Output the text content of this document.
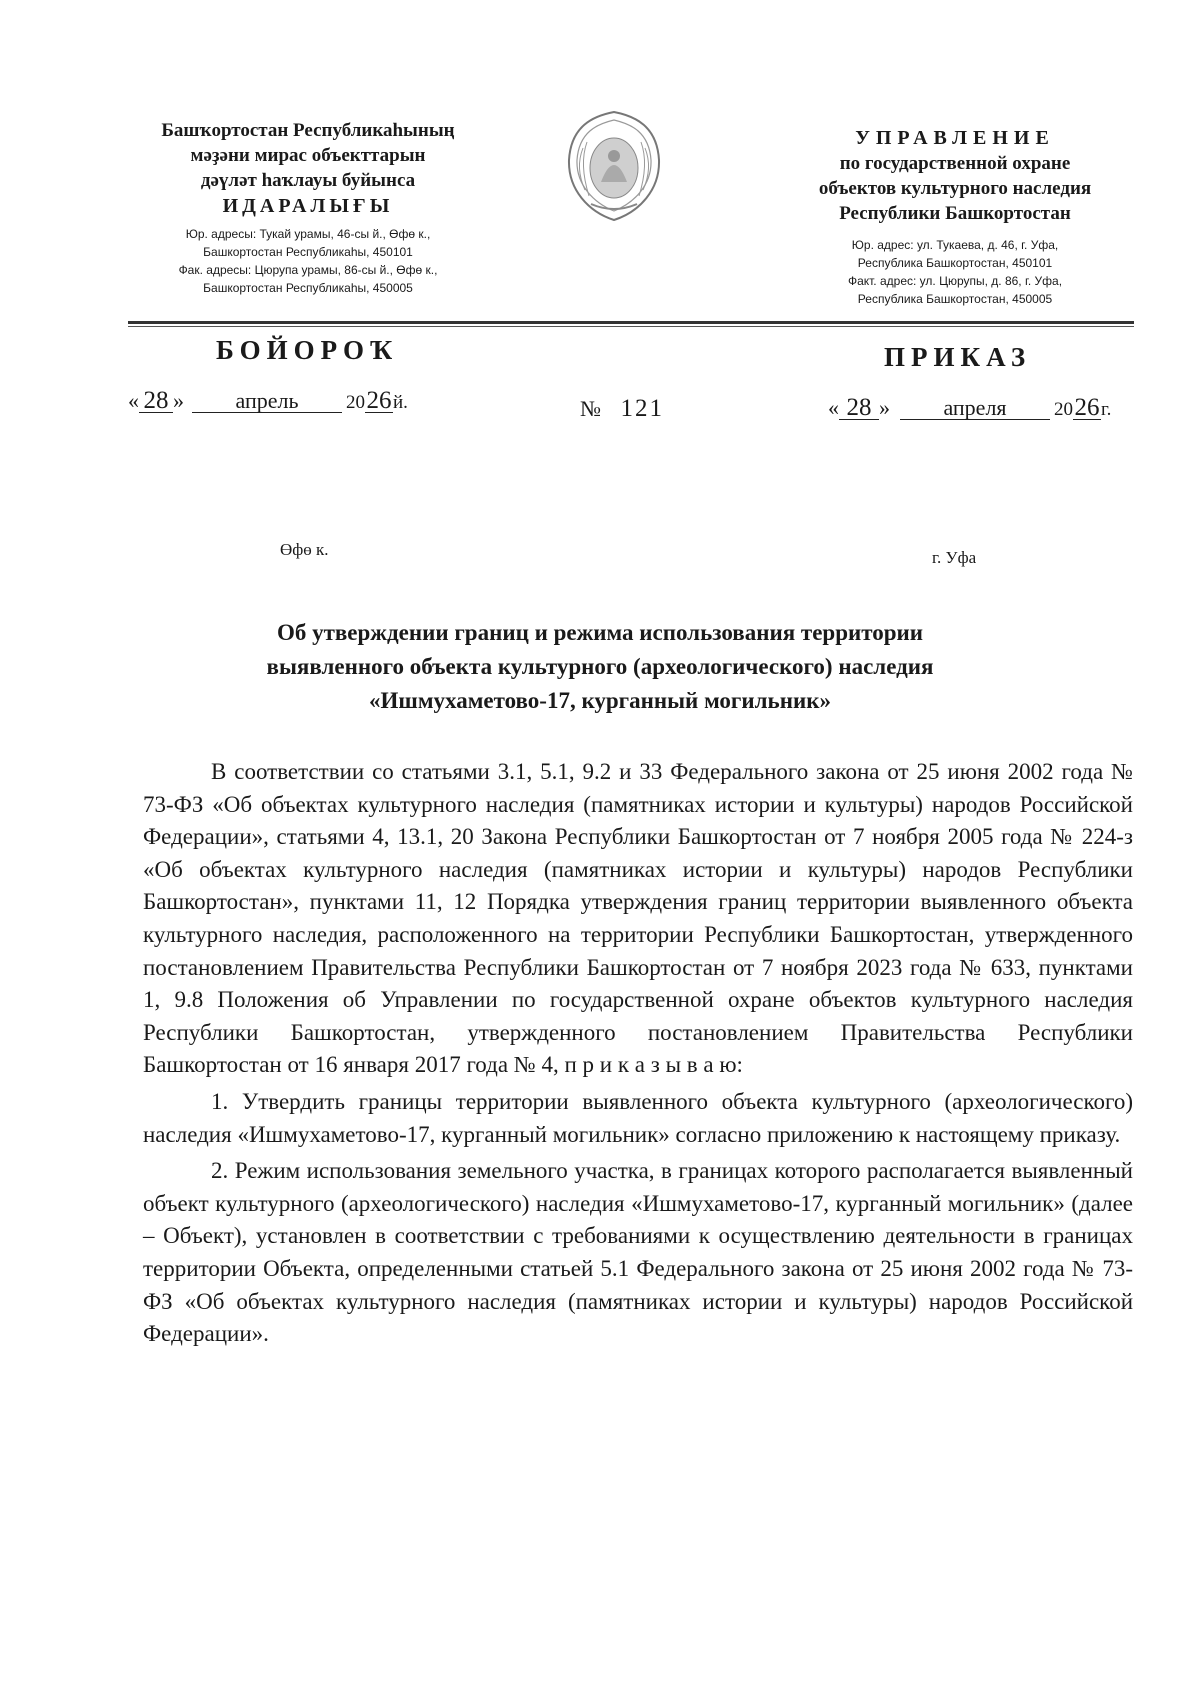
Башҡортостан Республикаһының
мәҙәни мирас объекттарын
дәүләт һаҡлауы буйынса
ИДАРАЛЫҒЫ
Юр. адресы: Тукай урамы, 46-сы й., Өфө к.,
Башкортостан Республикаһы, 450101
Фак. адресы: Цюрупа урамы, 86-сы й., Өфө к.,
Башкортостан Республикаһы, 450005
УПРАВЛЕНИЕ
по государственной охране
объектов культурного наследия
Республики Башкортостан
Юр. адрес: ул. Тукаева, д. 46, г. Уфа,
Республика Башкортостан, 450101
Факт. адрес: ул. Цюрупы, д. 86, г. Уфа,
Республика Башкортостан, 450005
БОЙОРОҠ	ПРИКАЗ
« 28 »	апрель	20 26 й.	№ 121	« 28 »	апреля	20 26 г.
Өфө к.	г. Уфа
Об утверждении границ и режима использования территории
выявленного объекта культурного (археологического) наследия
«Ишмухаметово-17, курганный могильник»

В соответствии со статьями 3.1, 5.1, 9.2 и 33 Федерального закона от 25 июня 2002 года № 73-ФЗ «Об объектах культурного наследия (памятниках истории и культуры) народов Российской Федерации», статьями 4, 13.1, 20 Закона Республики Башкортостан от 7 ноября 2005 года № 224-з «Об объектах культурного наследия (памятниках истории и культуры) народов Республики Башкортостан», пунктами 11, 12 Порядка утверждения границ территории выявленного объекта культурного наследия, расположенного на территории Республики Башкортостан, утвержденного постановлением Правительства Республики Башкортостан от 7 ноября 2023 года № 633, пунктами 1, 9.8 Положения об Управлении по государственной охране объектов культурного наследия Республики Башкортостан, утвержденного постановлением Правительства Республики Башкортостан от 16 января 2017 года № 4, п р и к а з ы в а ю:

1. Утвердить границы территории выявленного объекта культурного (археологического) наследия «Ишмухаметово-17, курганный могильник» согласно приложению к настоящему приказу.

2. Режим использования земельного участка, в границах которого располагается выявленный объект культурного (археологического) наследия «Ишмухаметово-17, курганный могильник» (далее – Объект), установлен в соответствии с требованиями к осуществлению деятельности в границах территории Объекта, определенными статьей 5.1 Федерального закона от 25 июня 2002 года № 73-ФЗ «Об объектах культурного наследия (памятниках истории и культуры) народов Российской Федерации».
